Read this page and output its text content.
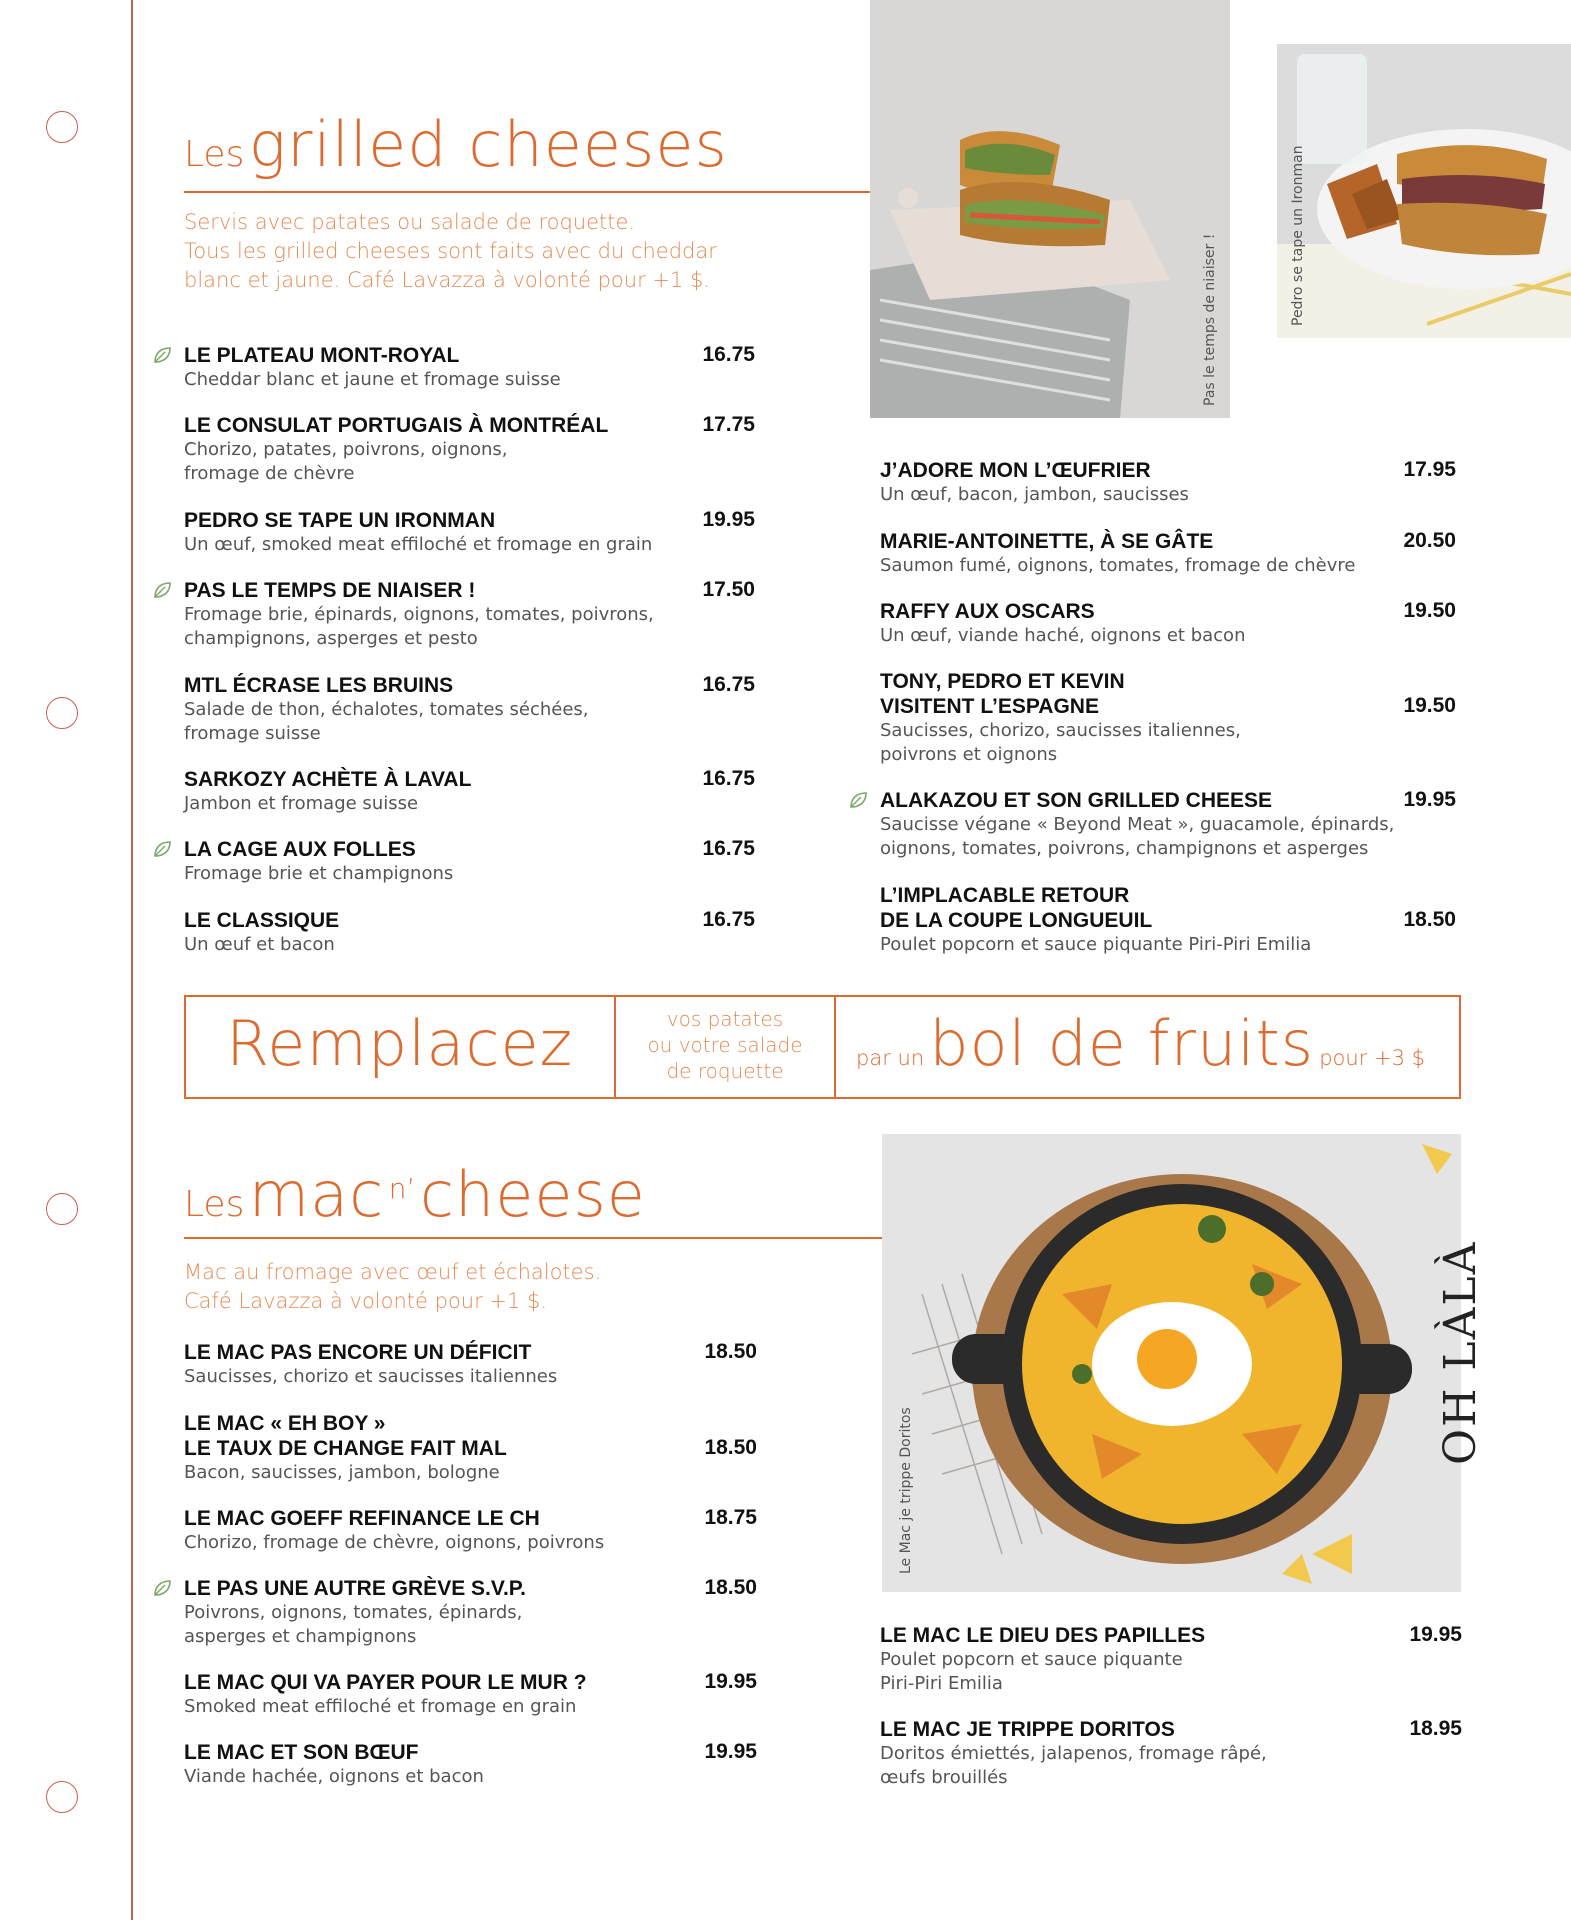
Les grilled cheeses
Servis avec patates ou salade de roquette.
Tous les grilled cheeses sont faits avec du cheddar
blanc et jaune. Café Lavazza à volonté pour +1 $.
LE PLATEAU MONT-ROYAL
Cheddar blanc et jaune et fromage suisse
16.75
LE CONSULAT PORTUGAIS À MONTRÉAL
Chorizo, patates, poivrons, oignons,
fromage de chèvre
17.75
PEDRO SE TAPE UN IRONMAN
Un œuf, smoked meat effiloché et fromage en grain
19.95
PAS LE TEMPS DE NIAISER !
Fromage brie, épinards, oignons, tomates, poivrons,
champignons, asperges et pesto
17.50
MTL ÉCRASE LES BRUINS
Salade de thon, échalotes, tomates séchées,
fromage suisse
16.75
SARKOZY ACHÈTE À LAVAL
Jambon et fromage suisse
16.75
LA CAGE AUX FOLLES
Fromage brie et champignons
16.75
LE CLASSIQUE
Un œuf et bacon
16.75
J’ADORE MON L’ŒUFRIER
Un œuf, bacon, jambon, saucisses
17.95
MARIE-ANTOINETTE, À SE GÂTE
Saumon fumé, oignons, tomates, fromage de chèvre
20.50
RAFFY AUX OSCARS
Un œuf, viande haché, oignons et bacon
19.50
TONY, PEDRO ET KEVIN
VISITENT L’ESPAGNE
Saucisses, chorizo, saucisses italiennes,
poivrons et oignons
19.50
ALAKAZOU ET SON GRILLED CHEESE
Saucisse végane « Beyond Meat », guacamole, épinards,
oignons, tomates, poivrons, champignons et asperges
19.95
L’IMPLACABLE RETOUR
DE LA COUPE LONGUEUIL
Poulet popcorn et sauce piquante Piri-Piri Emilia
18.50
Pas le temps de niaiser !	Pedro se tape un Ironman
Remplacez	vos patates
ou votre salade
de roquette
par un bol de fruits pour +3 $
Les mac n’ cheese
Mac au fromage avec œuf et échalotes.
Café Lavazza à volonté pour +1 $.
LE MAC PAS ENCORE UN DÉFICIT
Saucisses, chorizo et saucisses italiennes
18.50
LE MAC « EH BOY »
LE TAUX DE CHANGE FAIT MAL
Bacon, saucisses, jambon, bologne
18.50
LE MAC GOEFF REFINANCE LE CH
Chorizo, fromage de chèvre, oignons, poivrons
18.75
LE PAS UNE AUTRE GRÈVE S.V.P.
Poivrons, oignons, tomates, épinards,
asperges et champignons
18.50
LE MAC QUI VA PAYER POUR LE MUR ?
Smoked meat effiloché et fromage en grain
19.95
LE MAC ET SON BŒUF
Viande hachée, oignons et bacon
19.95
LE MAC LE DIEU DES PAPILLES
Poulet popcorn et sauce piquante
Piri-Piri Emilia
19.95
LE MAC JE TRIPPE DORITOS
Doritos émiettés, jalapenos, fromage râpé,
œufs brouillés
18.95
Le Mac je trippe Doritos
OH LÀLÀ
